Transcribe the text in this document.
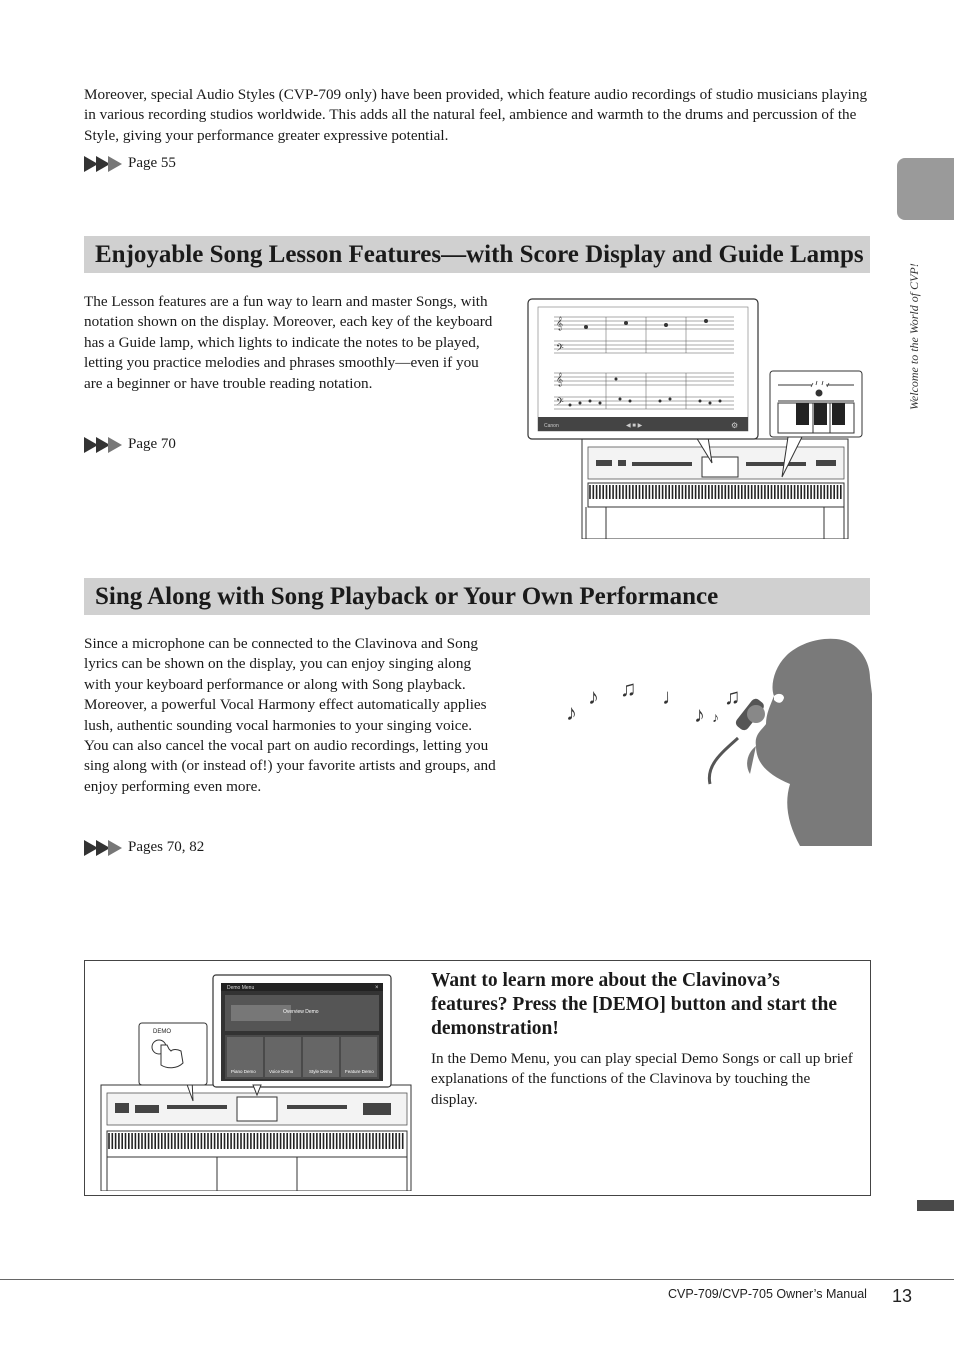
Moreover, special Audio Styles (CVP-709 only) have been provided, which feature audio recordings of studio musicians playing in various recording studios worldwide. This adds all the natural feel, ambience and warmth to the drums and percussion of the Style, giving your performance greater expressive potential.

Page 55
Welcome to the World of CVP!
Enjoyable Song Lesson Features—with Score Display and Guide Lamps

The Lesson features are a fun way to learn and master Songs, with notation shown on the display. Moreover, each key of the keyboard has a Guide lamp, which lights to indicate the notes to be played, letting you practice melodies and phrases smoothly—even if you are a beginner or have trouble reading notation.

Page 70
𝄞
𝄢
𝄞
𝄢
Canon	◀ ■ ▶	⚙
Sing Along with Song Playback or Your Own Performance

Since a microphone can be connected to the Clavinova and Song lyrics can be shown on the display, you can enjoy singing along with your keyboard performance or along with Song playback. Moreover, a powerful Vocal Harmony effect automatically applies lush, authentic sounding vocal harmonies to your singing voice. You can also cancel the vocal part on audio recordings, letting you sing along with (or instead of!) your favorite artists and groups, and enjoy performing even more.

Pages 70, 82
♪
♪ ♫ ♩
♪ ♪
♫
Want to learn more about the Clavinova’s features? Press the [DEMO] button and start the demonstration!

In the Demo Menu, you can play special Demo Songs or call up brief explanations of the functions of the Clavinova by touching the display.

Demo Menu	×
Overview Demo
Piano Demo	Voice Demo	Style Demo	Feature Demo
DEMO
CVP-709/CVP-705 Owner’s Manual 13
